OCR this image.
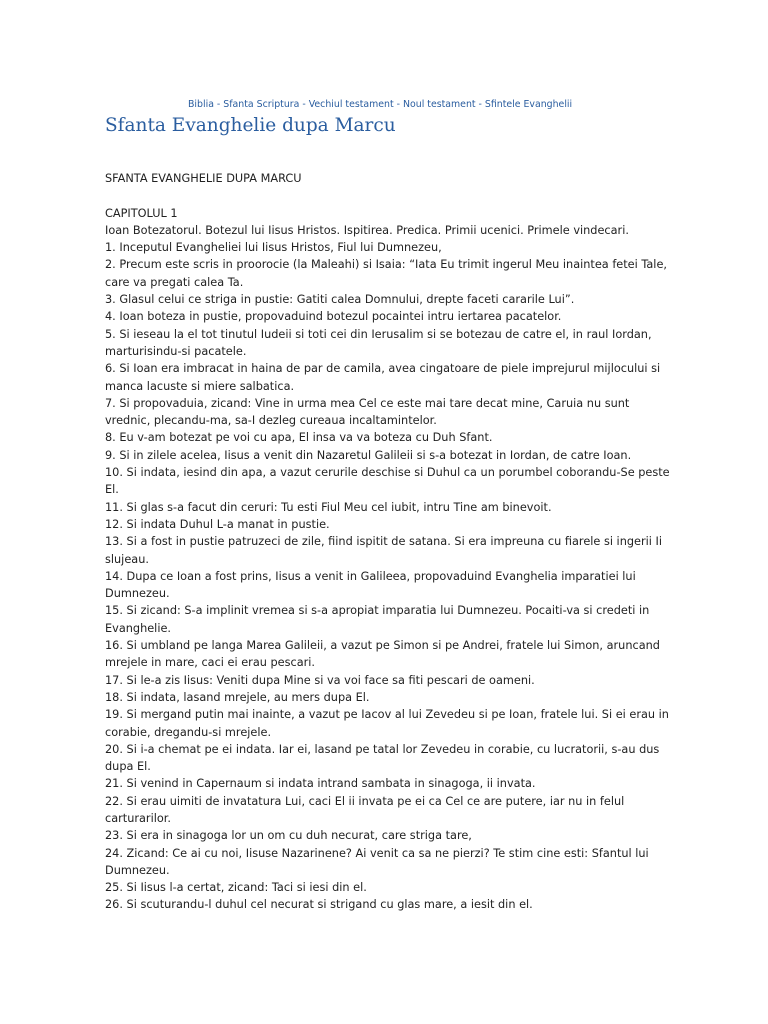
Biblia - Sfanta Scriptura - Vechiul testament - Noul testament - Sfintele Evanghelii
Sfanta Evanghelie dupa Marcu

SFANTA EVANGHELIE DUPA MARCU

CAPITOLUL 1

Ioan Botezatorul. Botezul lui Iisus Hristos. Ispitirea. Predica. Primii ucenici. Primele vindecari.

1. Inceputul Evangheliei lui Iisus Hristos, Fiul lui Dumnezeu,

2. Precum este scris in proorocie (la Maleahi) si Isaia: “Iata Eu trimit ingerul Meu inaintea fetei Tale, care va pregati calea Ta.

3. Glasul celui ce striga in pustie: Gatiti calea Domnului, drepte faceti cararile Lui”.

4. Ioan boteza in pustie, propovaduind botezul pocaintei intru iertarea pacatelor.

5. Si ieseau la el tot tinutul Iudeii si toti cei din Ierusalim si se botezau de catre el, in raul Iordan, marturisindu-si pacatele.

6. Si Ioan era imbracat in haina de par de camila, avea cingatoare de piele imprejurul mijlocului si manca lacuste si miere salbatica.

7. Si propovaduia, zicand: Vine in urma mea Cel ce este mai tare decat mine, Caruia nu sunt vrednic, plecandu-ma, sa-I dezleg cureaua incaltamintelor.

8. Eu v-am botezat pe voi cu apa, El insa va va boteza cu Duh Sfant.

9. Si in zilele acelea, Iisus a venit din Nazaretul Galileii si s-a botezat in Iordan, de catre Ioan.

10. Si indata, iesind din apa, a vazut cerurile deschise si Duhul ca un porumbel coborandu-Se peste El.

11. Si glas s-a facut din ceruri: Tu esti Fiul Meu cel iubit, intru Tine am binevoit.

12. Si indata Duhul L-a manat in pustie.

13. Si a fost in pustie patruzeci de zile, fiind ispitit de satana. Si era impreuna cu fiarele si ingerii Ii slujeau.

14. Dupa ce Ioan a fost prins, Iisus a venit in Galileea, propovaduind Evanghelia imparatiei lui Dumnezeu.

15. Si zicand: S-a implinit vremea si s-a apropiat imparatia lui Dumnezeu. Pocaiti-va si credeti in Evanghelie.

16. Si umbland pe langa Marea Galileii, a vazut pe Simon si pe Andrei, fratele lui Simon, aruncand mrejele in mare, caci ei erau pescari.

17. Si le-a zis Iisus: Veniti dupa Mine si va voi face sa fiti pescari de oameni.

18. Si indata, lasand mrejele, au mers dupa El.

19. Si mergand putin mai inainte, a vazut pe Iacov al lui Zevedeu si pe Ioan, fratele lui. Si ei erau in corabie, dregandu-si mrejele.

20. Si i-a chemat pe ei indata. Iar ei, lasand pe tatal lor Zevedeu in corabie, cu lucratorii, s-au dus dupa El.

21. Si venind in Capernaum si indata intrand sambata in sinagoga, ii invata.

22. Si erau uimiti de invatatura Lui, caci El ii invata pe ei ca Cel ce are putere, iar nu in felul carturarilor.

23. Si era in sinagoga lor un om cu duh necurat, care striga tare,

24. Zicand: Ce ai cu noi, Iisuse Nazarinene? Ai venit ca sa ne pierzi? Te stim cine esti: Sfantul lui Dumnezeu.

25. Si Iisus l-a certat, zicand: Taci si iesi din el.

26. Si scuturandu-l duhul cel necurat si strigand cu glas mare, a iesit din el.
